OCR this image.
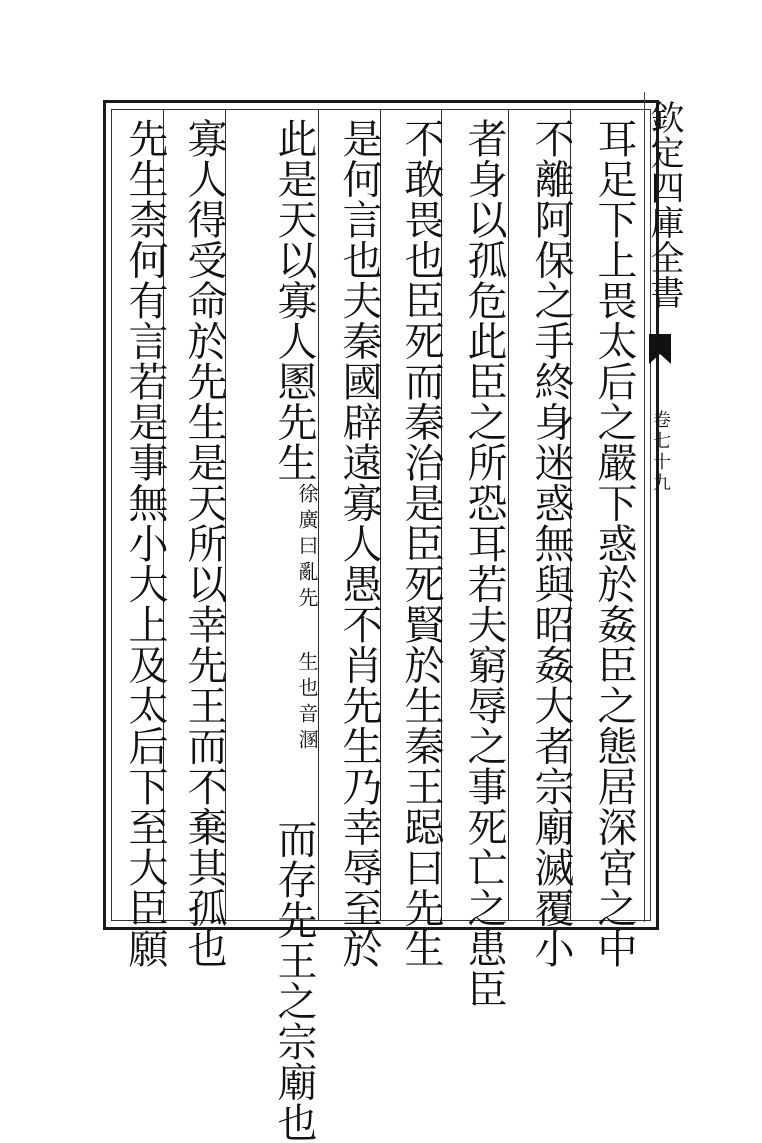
欽定四庫全書
卷七十九
耳足下上畏太后之嚴下惑於姦臣之態居深宮之中
不離阿保之手終身迷惑無與昭姦大者宗廟滅覆小
者身以孤危此臣之所恐耳若夫窮辱之事死亡之患臣
不敢畏也臣死而秦治是臣死賢於生秦王跽曰先生
是何言也夫秦國辟遠寡人愚不肖先生乃幸辱至於
此是天以寡人慁先生徐廣曰亂先生也音溷而存先王之宗廟也
寡人得受命於先生是天所以幸先王而不棄其孤也
先生柰何有言若是事無小大上及太后下至大臣願
